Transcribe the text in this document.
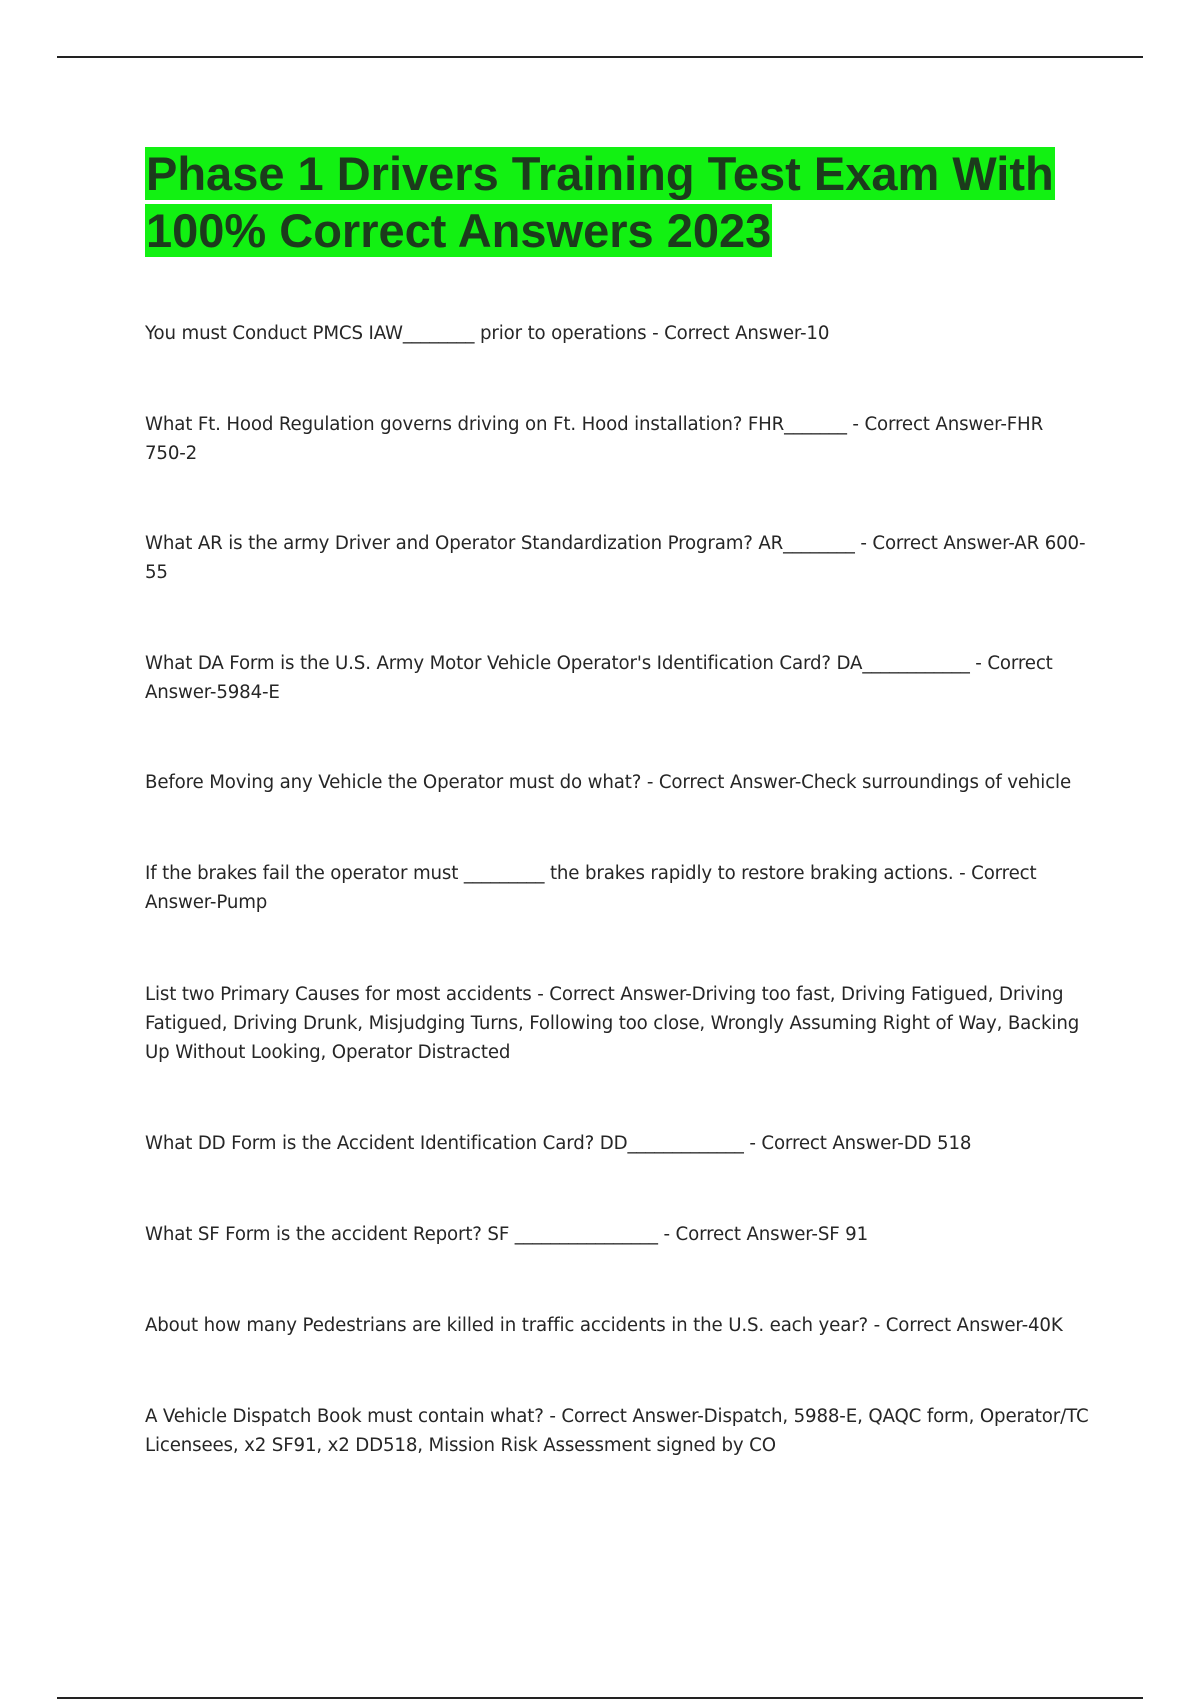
Phase 1 Drivers Training Test Exam With
100% Correct Answers 2023

You must Conduct PMCS IAW________ prior to operations - Correct Answer-10

What Ft. Hood Regulation governs driving on Ft. Hood installation? FHR_______ - Correct Answer-FHR 750-2

What AR is the army Driver and Operator Standardization Program? AR________ - Correct Answer-AR 600-55

What DA Form is the U.S. Army Motor Vehicle Operator's Identification Card? DA____________ - Correct Answer-5984-E

Before Moving any Vehicle the Operator must do what? - Correct Answer-Check surroundings of vehicle

If the brakes fail the operator must _________ the brakes rapidly to restore braking actions. - Correct Answer-Pump

List two Primary Causes for most accidents - Correct Answer-Driving too fast, Driving Fatigued, Driving Fatigued, Driving Drunk, Misjudging Turns, Following too close, Wrongly Assuming Right of Way, Backing Up Without Looking, Operator Distracted

What DD Form is the Accident Identification Card? DD_____________ - Correct Answer-DD 518

What SF Form is the accident Report? SF ________________ - Correct Answer-SF 91

About how many Pedestrians are killed in traffic accidents in the U.S. each year? - Correct Answer-40K

A Vehicle Dispatch Book must contain what? - Correct Answer-Dispatch, 5988-E, QAQC form, Operator/TC Licensees, x2 SF91, x2 DD518, Mission Risk Assessment signed by CO
